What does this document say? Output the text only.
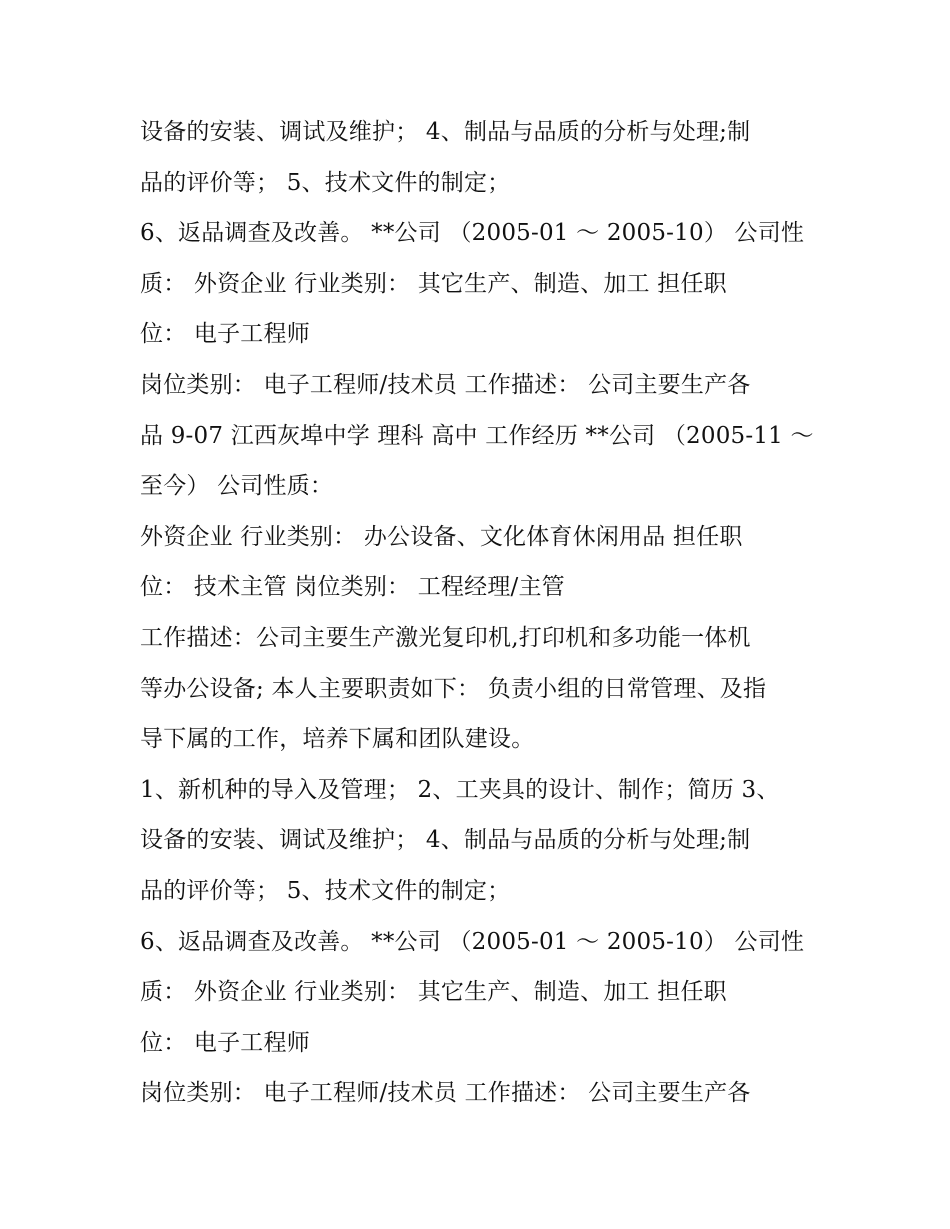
设备的安装、调试及维护； 4、制品与品质的分析与处理;制
品的评价等； 5、技术文件的制定；
6、返品调查及改善。 **公司 （2005-01 ～ 2005-10） 公司性
质： 外资企业 行业类别： 其它生产、制造、加工 担任职
位： 电子工程师
岗位类别： 电子工程师/技术员 工作描述： 公司主要生产各
品 9-07 江西灰埠中学 理科 高中 工作经历 **公司 （2005-11 ～
至今） 公司性质：
外资企业 行业类别： 办公设备、文化体育休闲用品 担任职
位： 技术主管 岗位类别： 工程经理/主管
工作描述：公司主要生产激光复印机,打印机和多功能一体机
等办公设备; 本人主要职责如下： 负责小组的日常管理、及指
导下属的工作，培养下属和团队建设。
1、新机种的导入及管理； 2、工夹具的设计、制作；简历 3、
设备的安装、调试及维护； 4、制品与品质的分析与处理;制
品的评价等； 5、技术文件的制定；
6、返品调查及改善。 **公司 （2005-01 ～ 2005-10） 公司性
质： 外资企业 行业类别： 其它生产、制造、加工 担任职
位： 电子工程师
岗位类别： 电子工程师/技术员 工作描述： 公司主要生产各
